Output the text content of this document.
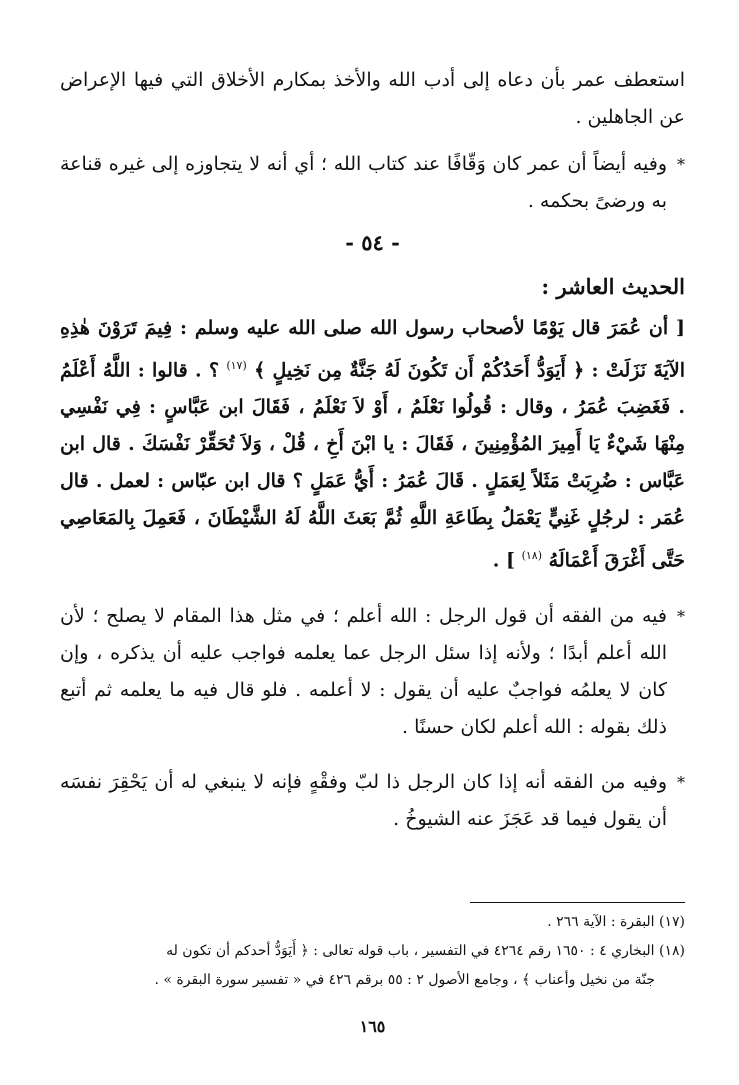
استعطف عمر بأن دعاه إلى أدب الله والأخذ بمكارم الأخلاق التي فيها الإعراض عن الجاهلين .

*

وفيه أيضاً أن عمر كان وَقّافًا عند كتاب الله ؛ أي أنه لا يتجاوزه إلى غيره قناعة به ورضىً بحكمه .

- ٥٤ -
الحديث العاشر :

[ أن عُمَرَ قال يَوْمًا لأصحاب رسول الله صلى الله عليه وسلم : فِيمَ تَرَوْنَ هٰذِهِ الآيَةَ نَزَلَتْ : ﴿ أَيَوَدُّ أَحَدُكُمْ أَن تَكُونَ لَهُ جَنَّةٌ مِن نَخِيلٍ ﴾ $^{(١٧)}$ ؟ . قالوا : اللَّهُ أَعْلَمُ . فَغَضِبَ عُمَرُ ، وقال : قُولُوا نَعْلَمُ ، أَوْ لاَ نَعْلَمُ ، فَقَالَ ابن عَبَّاسٍ : فِي نَفْسِي مِنْهَا شَيْءٌ يَا أَمِيرَ المُؤْمِنِينَ ، فَقَالَ : يا ابْنَ أَخِ ، قُلْ ، وَلاَ تُحَقِّرْ نَفْسَكَ . قال ابن عَبَّاس : ضُرِبَتْ مَثَلاً لِعَمَلٍ . قَالَ عُمَرُ : أَيُّ عَمَلٍ ؟ قال ابن عبّاس : لعمل . قال عُمَر : لرجُلٍ غَنِيٍّ يَعْمَلُ بِطَاعَةِ اللَّهِ ثُمَّ بَعَثَ اللَّهُ لَهُ الشَّيْطَانَ ، فَعَمِلَ بِالمَعَاصِي حَتَّى أَغْرَقَ أَعْمَالَهُ $^{(١٨)}$ ] .

*

فيه من الفقه أن قول الرجل : الله أعلم ؛ في مثل هذا المقام لا يصلح ؛ لأن الله أعلم أبدًا ؛ ولأنه إذا سئل الرجل عما يعلمه فواجب عليه أن يذكره ، وإن كان لا يعلمُه فواجبٌ عليه أن يقول : لا أعلمه . فلو قال فيه ما يعلمه ثم أتبع ذلك بقوله : الله أعلم لكان حسنًا .

*

وفيه من الفقه أنه إذا كان الرجل ذا لبّ وفقْهٍ فإنه لا ينبغي له أن يَحْقِرَ نفسَه أن يقول فيما قد عَجَزَ عنه الشيوخُ .

(١٧) البقرة : الآية ٢٦٦ .

(١٨) البخاري ٤ : ١٦٥٠ رقم ٤٢٦٤ في التفسير ، باب قوله تعالى : ﴿ أَيَوَدُّ أحدكم أن تكون له

جنّة من نخيل وأعناب ﴾ ، وجامع الأصول ٢ : ٥٥ برقم ٤٢٦ في « تفسير سورة البقرة » .

١٦٥
